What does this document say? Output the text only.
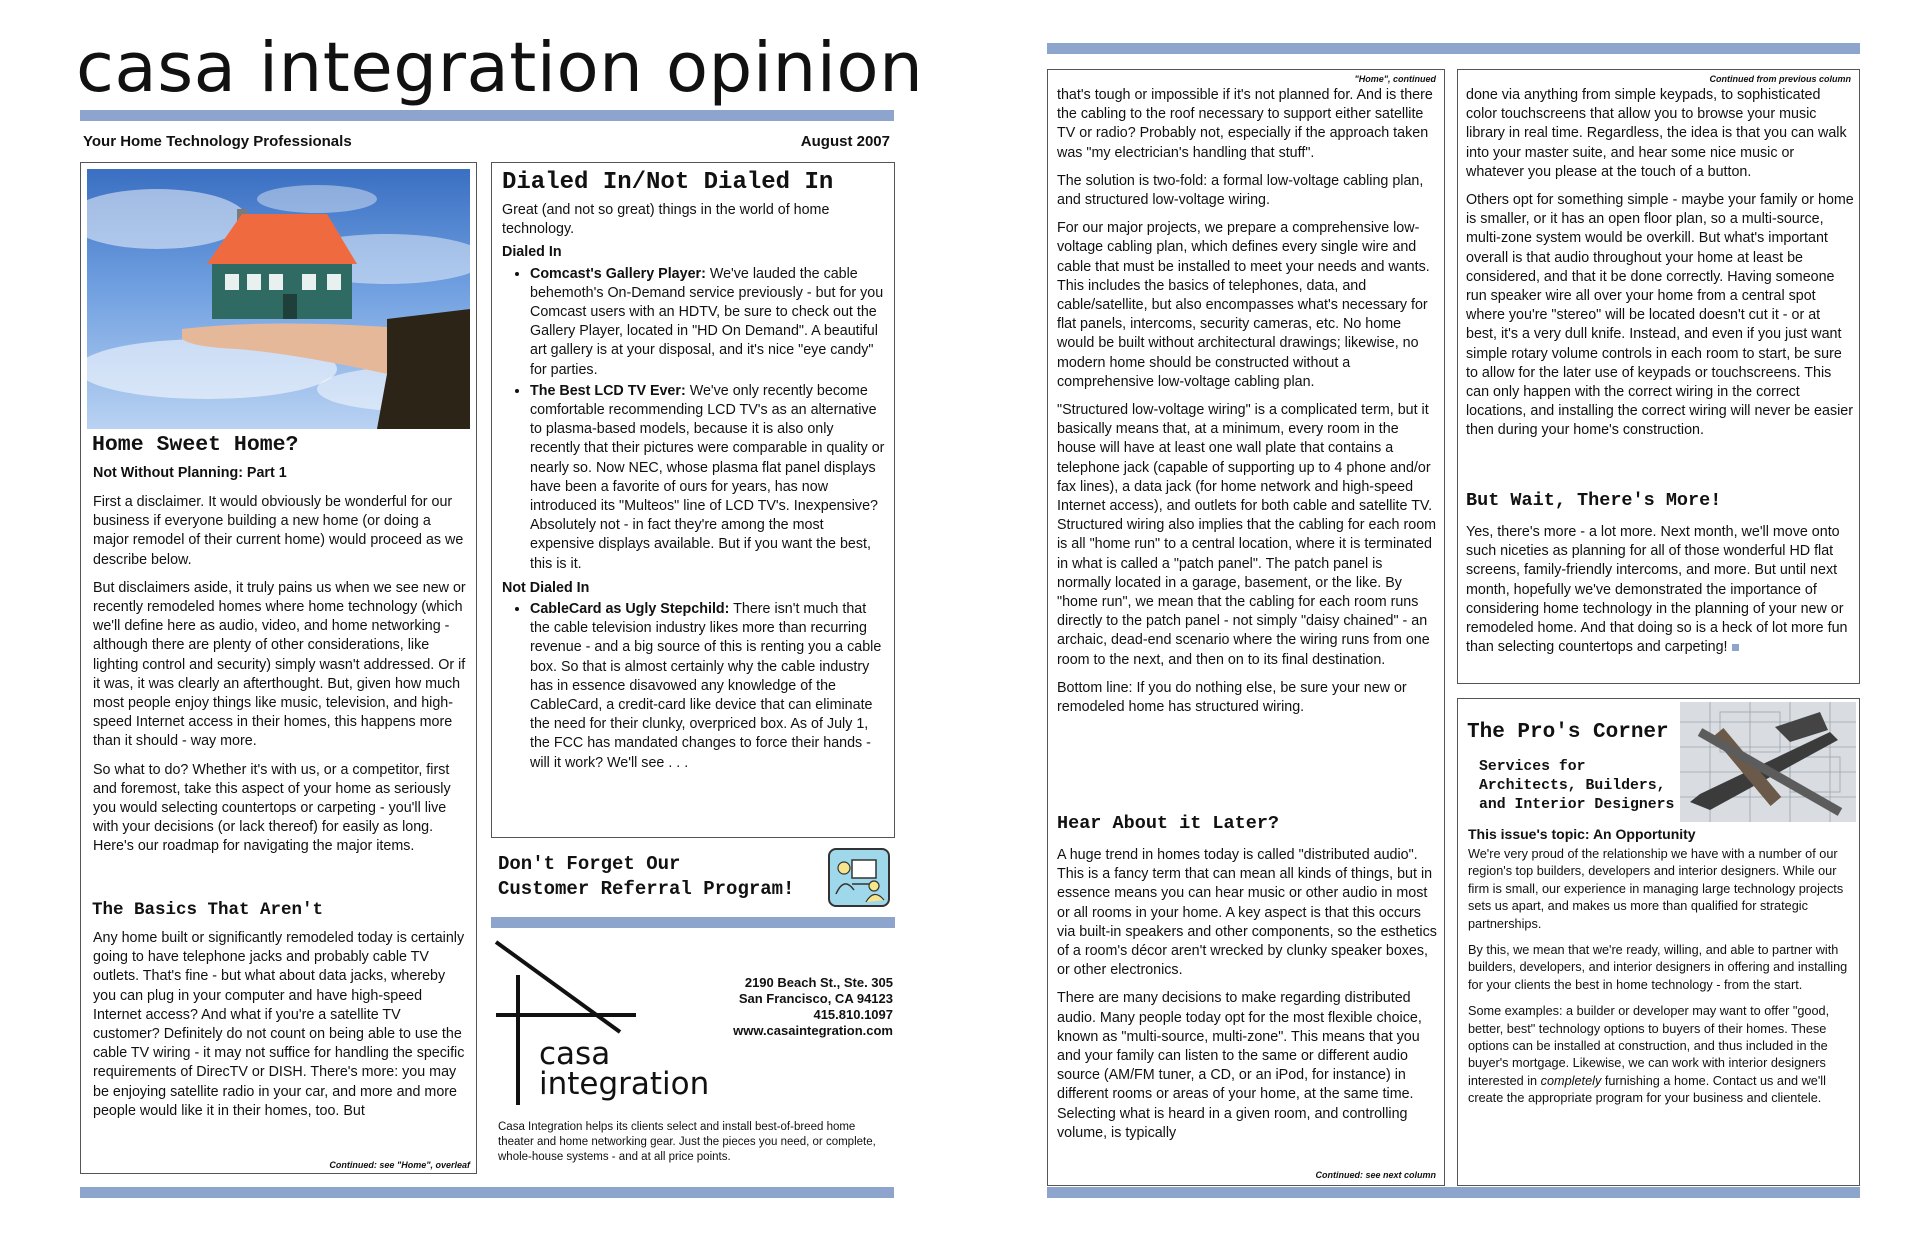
casa integration opinion
Your Home Technology Professionals	August 2007
Home Sweet Home?
Not Without Planning: Part 1

First a disclaimer. It would obviously be wonderful for our business if everyone building a new home (or doing a major remodel of their current home) would proceed as we describe below.

But disclaimers aside, it truly pains us when we see new or recently remodeled homes where home technology (which we'll define here as audio, video, and home networking - although there are plenty of other considerations, like lighting control and security) simply wasn't addressed. Or if it was, it was clearly an afterthought. But, given how much most people enjoy things like music, television, and high-speed Internet access in their homes, this happens more than it should - way more.

So what to do? Whether it's with us, or a competitor, first and foremost, take this aspect of your home as seriously you would selecting countertops or carpeting - you'll live with your decisions (or lack thereof) for easily as long. Here's our roadmap for navigating the major items.

The Basics That Aren't
Any home built or significantly remodeled today is certainly going to have telephone jacks and probably cable TV outlets. That's fine - but what about data jacks, whereby you can plug in your computer and have high-speed Internet access? And what if you're a satellite TV customer? Definitely do not count on being able to use the cable TV wiring - it may not suffice for handling the specific requirements of DirecTV or DISH. There's more: you may be enjoying satellite radio in your car, and more and more people would like it in their homes, too. But
Continued: see "Home", overleaf
Dialed In/Not Dialed In
Great (and not so great) things in the world of home technology.
Dialed In
• Comcast's Gallery Player: We've lauded the cable behemoth's On-Demand service previously - but for you Comcast users with an HDTV, be sure to check out the Gallery Player, located in "HD On Demand". A beautiful art gallery is at your disposal, and it's nice "eye candy" for parties.
• The Best LCD TV Ever: We've only recently become comfortable recommending LCD TV's as an alternative to plasma-based models, because it is also only recently that their pictures were comparable in quality or nearly so. Now NEC, whose plasma flat panel displays have been a favorite of ours for years, has now introduced its "Multeos" line of LCD TV's. Inexpensive? Absolutely not - in fact they're among the most expensive displays available. But if you want the best, this is it.
Not Dialed In
• CableCard as Ugly Stepchild: There isn't much that the cable television industry likes more than recurring revenue - and a big source of this is renting you a cable box. So that is almost certainly why the cable industry has in essence disavowed any knowledge of the CableCard, a credit-card like device that can eliminate the need for their clunky, overpriced box. As of July 1, the FCC has mandated changes to force their hands - will it work? We'll see . . .
Don't Forget Our
Customer Referral Program!
casa
integration
2190 Beach St., Ste. 305
San Francisco, CA 94123
415.810.1097
www.casaintegration.com
Casa Integration helps its clients select and install best-of-breed home theater and home networking gear. Just the pieces you need, or complete, whole-house systems - and at all price points.
"Home", continued

that's tough or impossible if it's not planned for. And is there the cabling to the roof necessary to support either satellite TV or radio? Probably not, especially if the approach taken was "my electrician's handling that stuff".

The solution is two-fold: a formal low-voltage cabling plan, and structured low-voltage wiring.

For our major projects, we prepare a comprehensive low-voltage cabling plan, which defines every single wire and cable that must be installed to meet your needs and wants. This includes the basics of telephones, data, and cable/satellite, but also encompasses what's necessary for flat panels, intercoms, security cameras, etc. No home would be built without architectural drawings; likewise, no modern home should be constructed without a comprehensive low-voltage cabling plan.

"Structured low-voltage wiring" is a complicated term, but it basically means that, at a minimum, every room in the house will have at least one wall plate that contains a telephone jack (capable of supporting up to 4 phone and/or fax lines), a data jack (for home network and high-speed Internet access), and outlets for both cable and satellite TV. Structured wiring also implies that the cabling for each room is all "home run" to a central location, where it is terminated in what is called a "patch panel". The patch panel is normally located in a garage, basement, or the like. By "home run", we mean that the cabling for each room runs directly to the patch panel - not simply "daisy chained" - an archaic, dead-end scenario where the wiring runs from one room to the next, and then on to its final destination.

Bottom line: If you do nothing else, be sure your new or remodeled home has structured wiring.

Hear About it Later?

A huge trend in homes today is called "distributed audio". This is a fancy term that can mean all kinds of things, but in essence means you can hear music or other audio in most or all rooms in your home. A key aspect is that this occurs via built-in speakers and other components, so the esthetics of a room's décor aren't wrecked by clunky speaker boxes, or other electronics.

There are many decisions to make regarding distributed audio. Many people today opt for the most flexible choice, known as "multi-source, multi-zone". This means that you and your family can listen to the same or different audio source (AM/FM tuner, a CD, or an iPod, for instance) in different rooms or areas of your home, at the same time. Selecting what is heard in a given room, and controlling volume, is typically

Continued: see next column
Continued from previous column

done via anything from simple keypads, to sophisticated color touchscreens that allow you to browse your music library in real time. Regardless, the idea is that you can walk into your master suite, and hear some nice music or whatever you please at the touch of a button.

Others opt for something simple - maybe your family or home is smaller, or it has an open floor plan, so a multi-source, multi-zone system would be overkill. But what's important overall is that audio throughout your home at least be considered, and that it be done correctly. Having someone run speaker wire all over your home from a central spot where you're "stereo" will be located doesn't cut it - or at best, it's a very dull knife. Instead, and even if you just want simple rotary volume controls in each room to start, be sure to allow for the later use of keypads or touchscreens. This can only happen with the correct wiring in the correct locations, and installing the correct wiring will never be easier then during your home's construction.

But Wait, There's More!
Yes, there's more - a lot more. Next month, we'll move onto such niceties as planning for all of those wonderful HD flat screens, family-friendly intercoms, and more. But until next month, hopefully we've demonstrated the importance of considering home technology in the planning of your new or remodeled home. And that doing so is a heck of lot more fun than selecting countertops and carpeting!
The Pro's Corner
Services for
Architects, Builders,
and Interior Designers
This issue's topic: An Opportunity

We're very proud of the relationship we have with a number of our region's top builders, developers and interior designers. While our firm is small, our experience in managing large technology projects sets us apart, and makes us more than qualified for strategic partnerships.

By this, we mean that we're ready, willing, and able to partner with builders, developers, and interior designers in offering and installing for your clients the best in home technology - from the start.

Some examples: a builder or developer may want to offer "good, better, best" technology options to buyers of their homes. These options can be installed at construction, and thus included in the buyer's mortgage. Likewise, we can work with interior designers interested in completely furnishing a home. Contact us and we'll create the appropriate program for your business and clientele.
